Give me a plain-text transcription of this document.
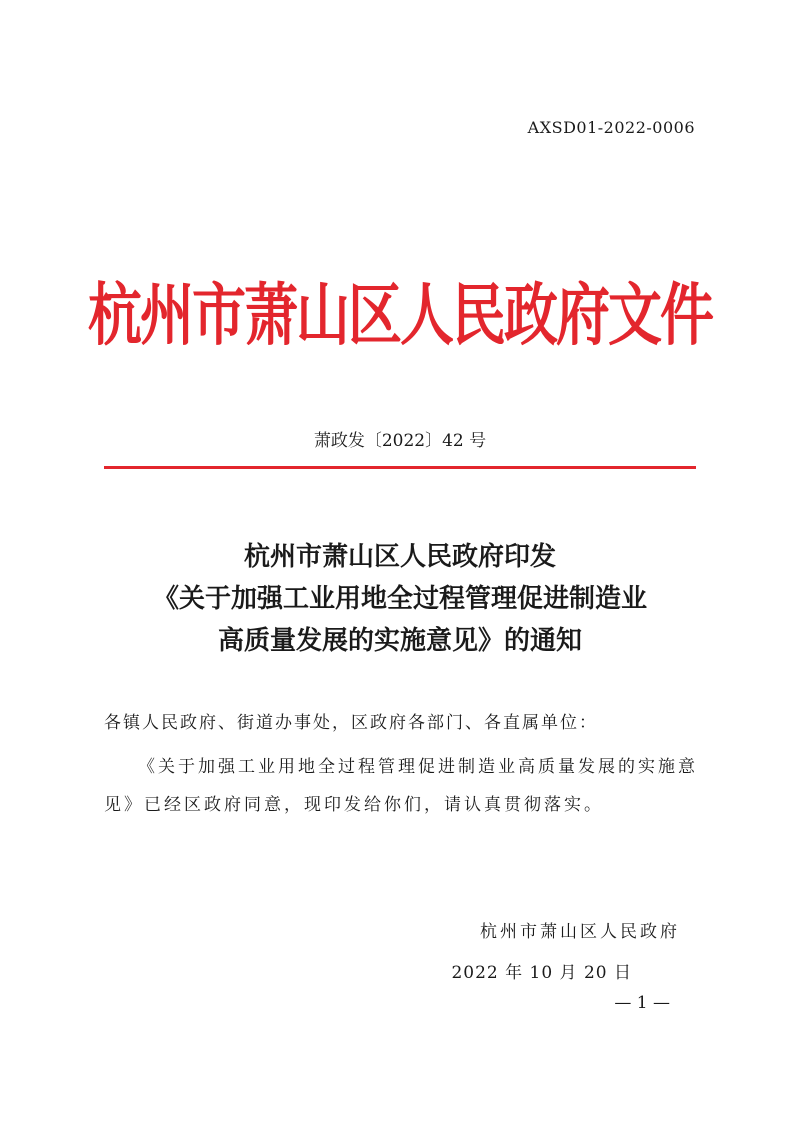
AXSD01-2022-0006
杭州市萧山区人民政府文件
萧政发〔2022〕42 号
杭州市萧山区人民政府印发
《关于加强工业用地全过程管理促进制造业
高质量发展的实施意见》的通知
各镇人民政府、街道办事处，区政府各部门、各直属单位：
《关于加强工业用地全过程管理促进制造业高质量发展的实施意见》已经区政府同意，现印发给你们，请认真贯彻落实。
杭州市萧山区人民政府
2022 年 10 月 20 日
— 1 —
